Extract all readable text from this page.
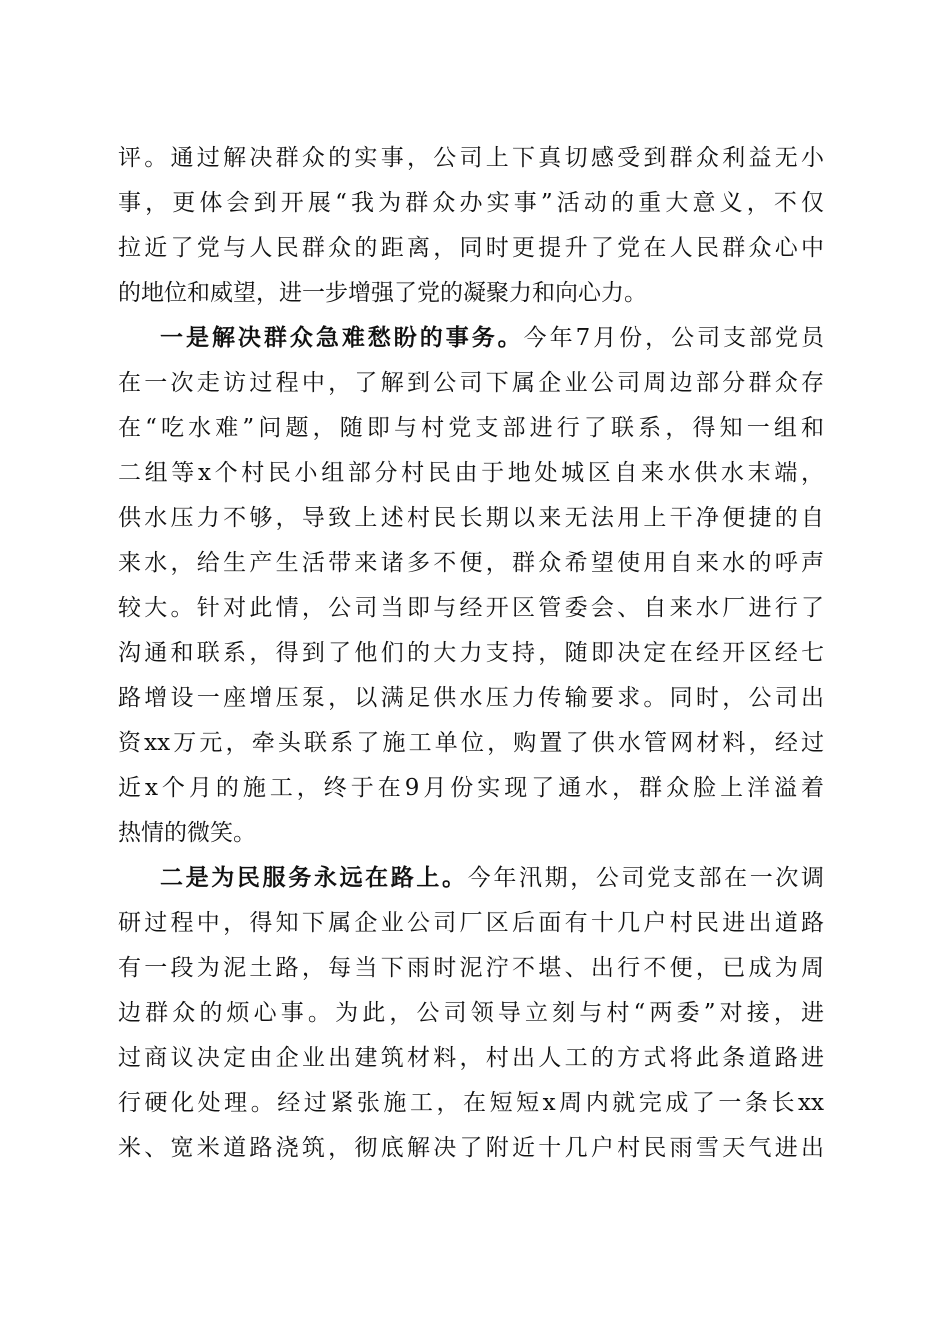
评。通过解决群众的实事，公司上下真切感受到群众利益无小
事，更体会到开展“我为群众办实事”活动的重大意义，不仅
拉近了党与人民群众的距离，同时更提升了党在人民群众心中
的地位和威望，进一步增强了党的凝聚力和向心力。
一是解决群众急难愁盼的事务。今年7月份，公司支部党员
在一次走访过程中，了解到公司下属企业公司周边部分群众存
在“吃水难”问题，随即与村党支部进行了联系，得知一组和
二组等x个村民小组部分村民由于地处城区自来水供水末端，
供水压力不够，导致上述村民长期以来无法用上干净便捷的自
来水，给生产生活带来诸多不便，群众希望使用自来水的呼声
较大。针对此情，公司当即与经开区管委会、自来水厂进行了
沟通和联系，得到了他们的大力支持，随即决定在经开区经七
路增设一座增压泵，以满足供水压力传输要求。同时，公司出
资xx万元，牵头联系了施工单位，购置了供水管网材料，经过
近x个月的施工，终于在9月份实现了通水，群众脸上洋溢着
热情的微笑。
二是为民服务永远在路上。今年汛期，公司党支部在一次调
研过程中，得知下属企业公司厂区后面有十几户村民进出道路
有一段为泥土路，每当下雨时泥泞不堪、出行不便，已成为周
边群众的烦心事。为此，公司领导立刻与村“两委”对接，进
过商议决定由企业出建筑材料，村出人工的方式将此条道路进
行硬化处理。经过紧张施工，在短短x周内就完成了一条长xx
米、宽米道路浇筑，彻底解决了附近十几户村民雨雪天气进出
